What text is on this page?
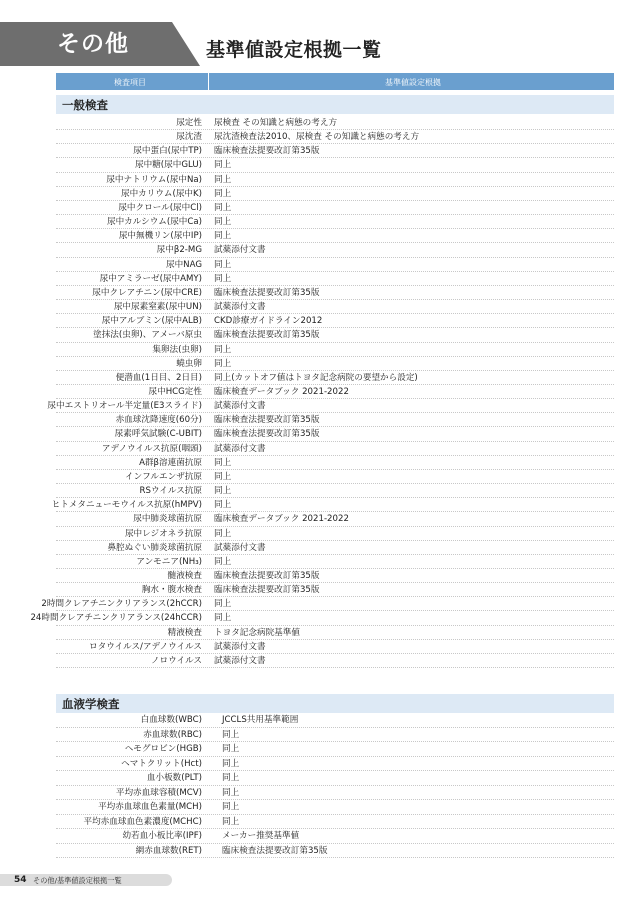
その他	基準値設定根拠一覧
検査項目	基準値設定根拠
一般検査
尿定性 尿検査 その知識と病態の考え方
尿沈渣 尿沈渣検査法2010、尿検査 その知識と病態の考え方
尿中蛋白(尿中TP) 臨床検査法提要改訂第35版
尿中糖(尿中GLU) 同上
尿中ナトリウム(尿中Na) 同上
尿中カリウム(尿中K) 同上
尿中クロール(尿中Cl) 同上
尿中カルシウム(尿中Ca) 同上
尿中無機リン(尿中IP) 同上
尿中β2-MG 試薬添付文書
尿中NAG 同上
尿中アミラーゼ(尿中AMY) 同上
尿中クレアチニン(尿中CRE) 臨床検査法提要改訂第35版
尿中尿素窒素(尿中UN) 試薬添付文書
尿中アルブミン(尿中ALB) CKD診療ガイドライン2012
塗抹法(虫卵)、アメーバ原虫 臨床検査法提要改訂第35版
集卵法(虫卵) 同上
蟯虫卵 同上
便潜血(1日目、2日目) 同上(カットオフ値はトヨタ記念病院の要望から設定)
尿中HCG定性 臨床検査データブック 2021-2022
尿中エストリオール半定量(E3スライド) 試薬添付文書
赤血球沈降速度(60分) 臨床検査法提要改訂第35版
尿素呼気試験(C-UBIT) 臨床検査法提要改訂第35版
アデノウイルス抗原(咽頭) 試薬添付文書
A群β溶連菌抗原 同上
インフルエンザ抗原 同上
RSウイルス抗原 同上
ヒトメタニューモウイルス抗原(hMPV) 同上
尿中肺炎球菌抗原 臨床検査データブック 2021-2022
尿中レジオネラ抗原 同上
鼻腔ぬぐい肺炎球菌抗原 試薬添付文書
アンモニア(NH₃) 同上
髄液検査 臨床検査法提要改訂第35版
胸水・腹水検査 臨床検査法提要改訂第35版
2時間クレアチニンクリアランス(2hCCR) 同上
24時間クレアチニンクリアランス(24hCCR) 同上
精液検査 トヨタ記念病院基準値
ロタウイルス/アデノウイルス 試薬添付文書
ノロウイルス 試薬添付文書
血液学検査
白血球数(WBC) JCCLS共用基準範囲
赤血球数(RBC) 同上
ヘモグロビン(HGB) 同上
ヘマトクリット(Hct) 同上
血小板数(PLT) 同上
平均赤血球容積(MCV) 同上
平均赤血球血色素量(MCH) 同上
平均赤血球血色素濃度(MCHC) 同上
幼若血小板比率(IPF) メーカー推奨基準値
網赤血球数(RET) 臨床検査法提要改訂第35版
54 その他/基準値設定根拠一覧
